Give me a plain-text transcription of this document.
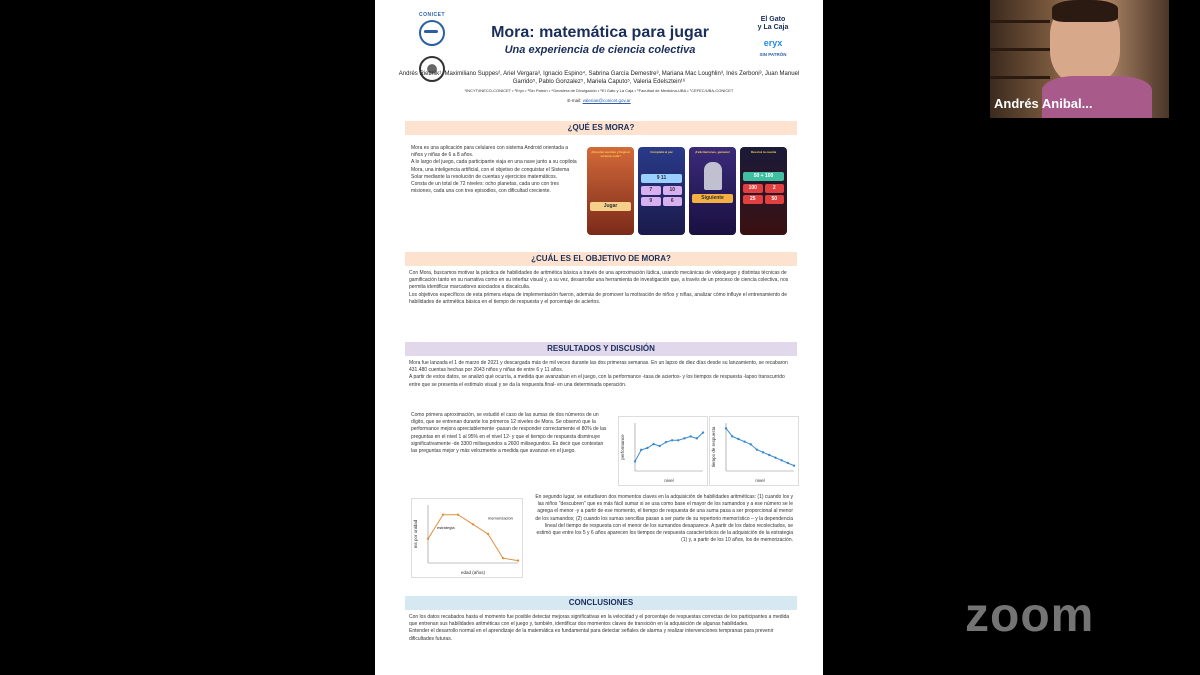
CONICET
Mora: matemática para jugar
Una experiencia de ciencia colectiva
El Gato
y La Caja
eryx
SIN PATRÓN
Andrés Rieznik¹, Maximiliano Suppes², Ariel Vergara³, Ignacio Espino⁴, Sabrina García Demestre³, Mariana Mac Loughlin³, Inés Zerboni³, Juan Manuel Garrido⁵, Pablo Gonzalez⁵, Mariela Caputo⁵, Valeria Edelsztein¹⁶
¹INCYT/INECO-CONICET • ²Eryx • ³Sin Patrón • ⁴Geosfera de Divulgación • ⁵El Gato y La Caja • ⁶Facultad de Medicina-UBA • ⁷CEFEC/UBA-CONICET
E-mail: valeriae@conicet.gov.ar
¿QUÉ ES MORA?
Mora es una aplicación para celulares con sistema Android orientada a niños y niñas de 6 a 8 años.
A lo largo del juego, cada participante viaja en una nave junto a su copilota Mora, una inteligencia artificial, con el objetivo de conquistar el Sistema Solar mediante la resolución de cuentas y ejercicios matemáticos.
Consta de un total de 72 niveles: ocho planetas, cada uno con tres misiones, cada una con tres episodios, con dificultad creciente.
¡Resolvé cuentas y llegá al sistema solar!
Jugar
Completá el par
9 11
7	10
9	6
¡Felicitaciones, ganaste!
Siguiente
Resolvé la cuenta
50 + 100
100	2
25	50
¿CUÁL ES EL OBJETIVO DE MORA?
Con Mora, buscamos motivar la práctica de habilidades de aritmética básica a través de una aproximación lúdica, usando mecánicas de videojuego y distintas técnicas de gamificación tanto en su narrativa como en su interfaz visual y, a su vez, desarrollar una herramienta de investigación que, a través de un proceso de ciencia colectiva, nos permita identificar marcadores asociados a discalculia.
Los objetivos específicos de esta primera etapa de implementación fueron, además de promover la motivación de niños y niñas, analizar cómo influye el entrenamiento de habilidades de aritmética básica en el tiempo de respuesta y el porcentaje de aciertos.
RESULTADOS Y DISCUSIÓN
Mora fue lanzada el 1 de marzo de 2021 y descargada más de mil veces durante las dos primeras semanas. En un lapso de diez días desde su lanzamiento, se recabaron 431.480 cuentas hechas por 2043 niños y niñas de entre 6 y 11 años.
A partir de estos datos, se analizó qué ocurría, a medida que avanzaban en el juego, con la performance -tasa de aciertos- y los tiempos de respuesta -lapso transcurrido entre que se presenta el estímulo visual y se da la respuesta final- en una determinada operación.
Como primera aproximación, se estudió el caso de las sumas de dos números de un dígito, que se entrenan durante los primeros 12 niveles de Mora. Se observó que la performance mejora apreciablemente -pasan de responder correctamente el 80% de las preguntas en el nivel 1 al 95% en el nivel 12- y que el tiempo de respuesta disminuye significativamente -de 3300 milisegundos a 2600 milisegundos. Es decir que contestan las preguntas mejor y más velozmente a medida que avanzan en el juego.
nivel
performance
nivel
tiempo de respuesta
edad (años)
ms por unidad	estrategia
memorización
En segundo lugar, se estudiaron dos momentos claves en la adquisición de habilidades aritméticas: (1) cuando los y las niños "descubren" que es más fácil sumar si se usa como base el mayor de los sumandos y a ese número se le agrega el menor -y a partir de ese momento, el tiempo de respuesta de una suma pasa a ser proporcional al menor de los sumandos; (2) cuando los sumas sencillas pasan a ser parte de su repertorio memorístico – y la dependencia lineal del tiempo de respuesta con el menor de los sumandos desaparece. A partir de los datos recolectados, se estimó que entre los 5 y 6 años aparecen los tiempos de respuesta característicos de la adquisición de la estrategia (1) y, a partir de los 10 años, los de memorización.
CONCLUSIONES
Con los datos recabados hasta el momento fue posible detectar mejoras significativas en la velocidad y el porcentaje de respuestas correctas de los participantes a medida que entrenan sus habilidades aritméticas con el juego y, también, identificar dos momentos claves de transición en la adquisición de algunas habilidades.
Entender el desarrollo normal en el aprendizaje de la matemática es fundamental para detectar señales de alarma y realizar intervenciones tempranas para prevenir dificultades futuras.
Andrés Anibal...
zoom
